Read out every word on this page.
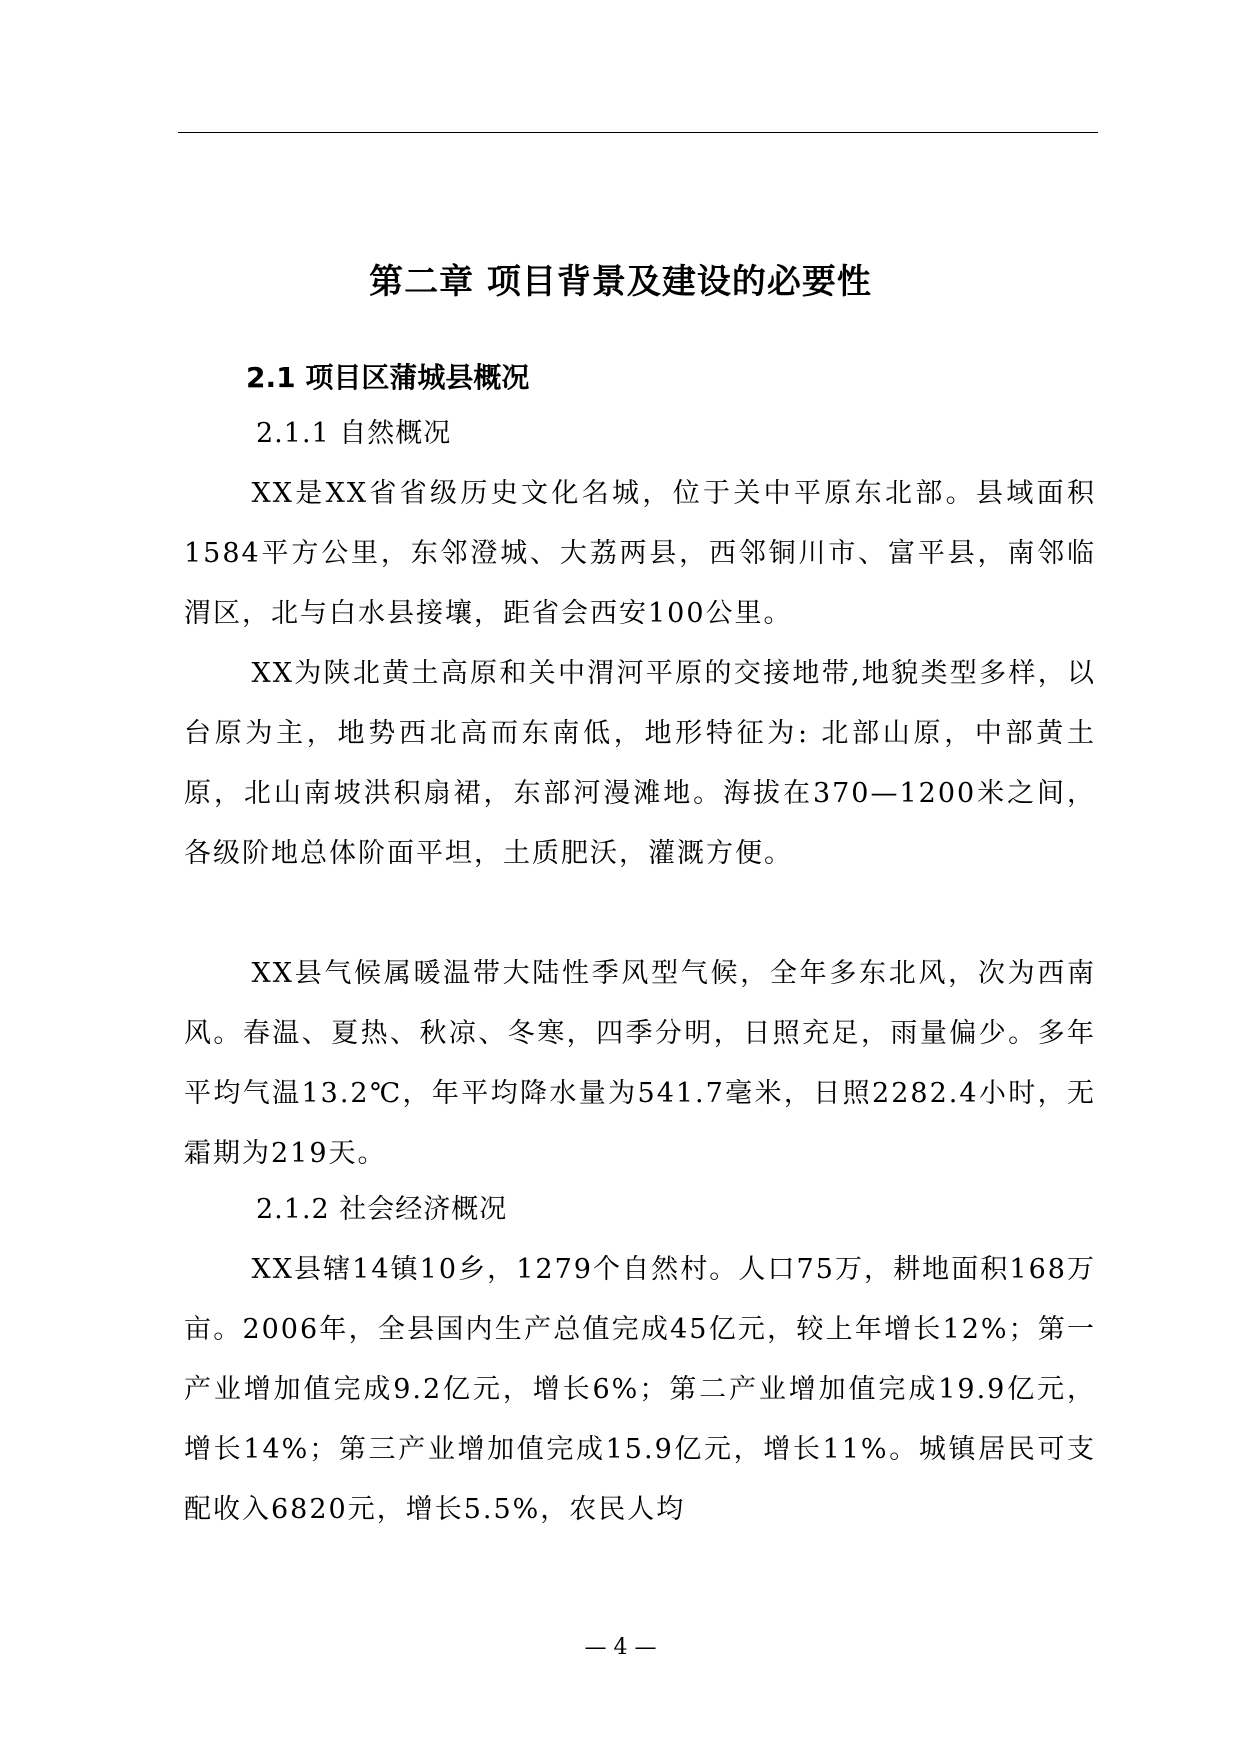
第二章 项目背景及建设的必要性
2.1 项目区蒲城县概况
2.1.1 自然概况

XX是XX省省级历史文化名城，位于关中平原东北部。县域面积1584平方公里，东邻澄城、大荔两县，西邻铜川市、富平县，南邻临渭区，北与白水县接壤，距省会西安100公里。

XX为陕北黄土高原和关中渭河平原的交接地带,地貌类型多样，以台原为主，地势西北高而东南低，地形特征为: 北部山原，中部黄土原，北山南坡洪积扇裙，东部河漫滩地。海拔在370—1200米之间，各级阶地总体阶面平坦，土质肥沃，灌溉方便。

XX县气候属暖温带大陆性季风型气候，全年多东北风，次为西南风。春温、夏热、秋凉、冬寒，四季分明，日照充足，雨量偏少。多年平均气温13.2℃，年平均降水量为541.7毫米，日照2282.4小时，无霜期为219天。

2.1.2 社会经济概况

XX县辖14镇10乡，1279个自然村。人口75万，耕地面积168万亩。2006年，全县国内生产总值完成45亿元，较上年增长12%；第一产业增加值完成9.2亿元，增长6%；第二产业增加值完成19.9亿元，增长14%；第三产业增加值完成15.9亿元，增长11%。城镇居民可支配收入6820元，增长5.5%，农民人均

— 4 —
